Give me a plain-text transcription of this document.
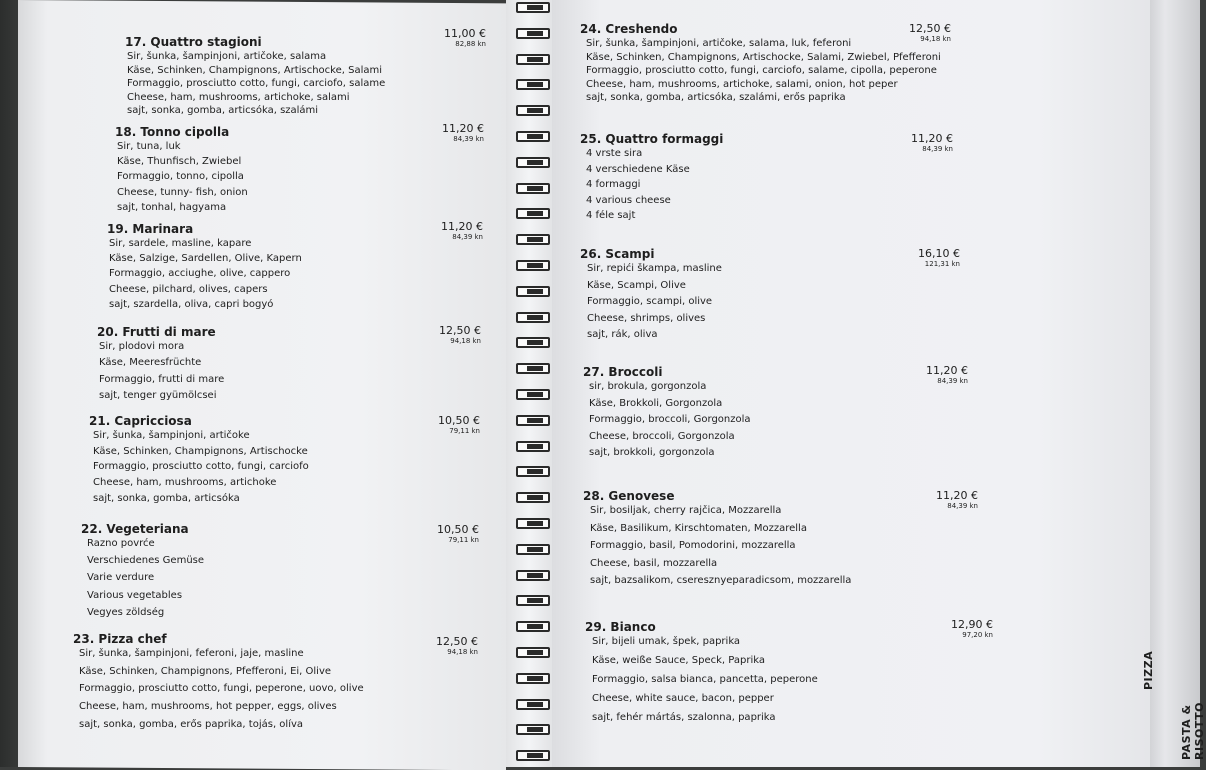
17. Quattro stagioni
Sir, šunka, šampinjoni, artičoke, salama
Käse, Schinken, Champignons, Artischocke, Salami
Formaggio, prosciutto cotto, fungi, carciofo, salame
Cheese, ham, mushrooms, artichoke, salami
sajt, sonka, gomba, articsóka, szalámi
11,00 €
82,88 kn
18. Tonno cipolla
Sir, tuna, luk
Käse, Thunfisch, Zwiebel
Formaggio, tonno, cipolla
Cheese, tunny- fish, onion
sajt, tonhal, hagyama
11,20 €
84,39 kn
19. Marinara
Sir, sardele, masline, kapare
Käse, Salzige, Sardellen, Olive, Kapern
Formaggio, acciughe, olive, cappero
Cheese, pilchard, olives, capers
sajt, szardella, oliva, capri bogyó
11,20 €
84,39 kn
20. Frutti di mare
Sir, plodovi mora
Käse, Meeresfrüchte
Formaggio, frutti di mare
sajt, tenger gyümölcsei
12,50 €
94,18 kn
21. Capricciosa
Sir, šunka, šampinjoni, artičoke
Käse, Schinken, Champignons, Artischocke
Formaggio, prosciutto cotto, fungi, carciofo
Cheese, ham, mushrooms, artichoke
sajt, sonka, gomba, articsóka
10,50 €
79,11 kn
22. Vegeteriana
Razno povrće
Verschiedenes Gemüse
Varie verdure
Various vegetables
Vegyes zöldség
10,50 €
79,11 kn
23. Pizza chef
Sir, šunka, šampinjoni, feferoni, jaje, masline
Käse, Schinken, Champignons, Pfefferoni, Ei, Olive
Formaggio, prosciutto cotto, fungi, peperone, uovo, olive
Cheese, ham, mushrooms, hot pepper, eggs, olives
sajt, sonka, gomba, erős paprika, tojás, olíva
12,50 €
94,18 kn
24. Creshendo
Sir, šunka, šampinjoni, artičoke, salama, luk, feferoni
Käse, Schinken, Champignons, Artischocke, Salami, Zwiebel, Pfefferoni
Formaggio, prosciutto cotto, fungi, carciofo, salame, cipolla, peperone
Cheese, ham, mushrooms, artichoke, salami, onion, hot peper
sajt, sonka, gomba, articsóka, szalámi, erős paprika
12,50 €
94,18 kn
25. Quattro formaggi
4 vrste sira
4 verschiedene Käse
4 formaggi
4 various cheese
4 féle sajt
11,20 €
84,39 kn
26. Scampi
Sir, repići škampa, masline
Käse, Scampi, Olive
Formaggio, scampi, olive
Cheese, shrimps, olives
sajt, rák, oliva
16,10 €
121,31 kn
27. Broccoli
sir, brokula, gorgonzola
Käse, Brokkoli, Gorgonzola
Formaggio, broccoli, Gorgonzola
Cheese, broccoli, Gorgonzola
sajt, brokkoli, gorgonzola
11,20 €
84,39 kn
28. Genovese
Sir, bosiljak, cherry rajčica, Mozzarella
Käse, Basilikum, Kirschtomaten, Mozzarella
Formaggio, basil, Pomodorini, mozzarella
Cheese, basil, mozzarella
sajt, bazsalikom, cseresznyeparadicsom, mozzarella
11,20 €
84,39 kn
29. Bianco
Sir, bijeli umak, špek, paprika
Käse, weiße Sauce, Speck, Paprika
Formaggio, salsa bianca, pancetta, peperone
Cheese, white sauce, bacon, pepper
sajt, fehér mártás, szalonna, paprika
12,90 €
97,20 kn
PIZZA
PASTA & RISOTTO
